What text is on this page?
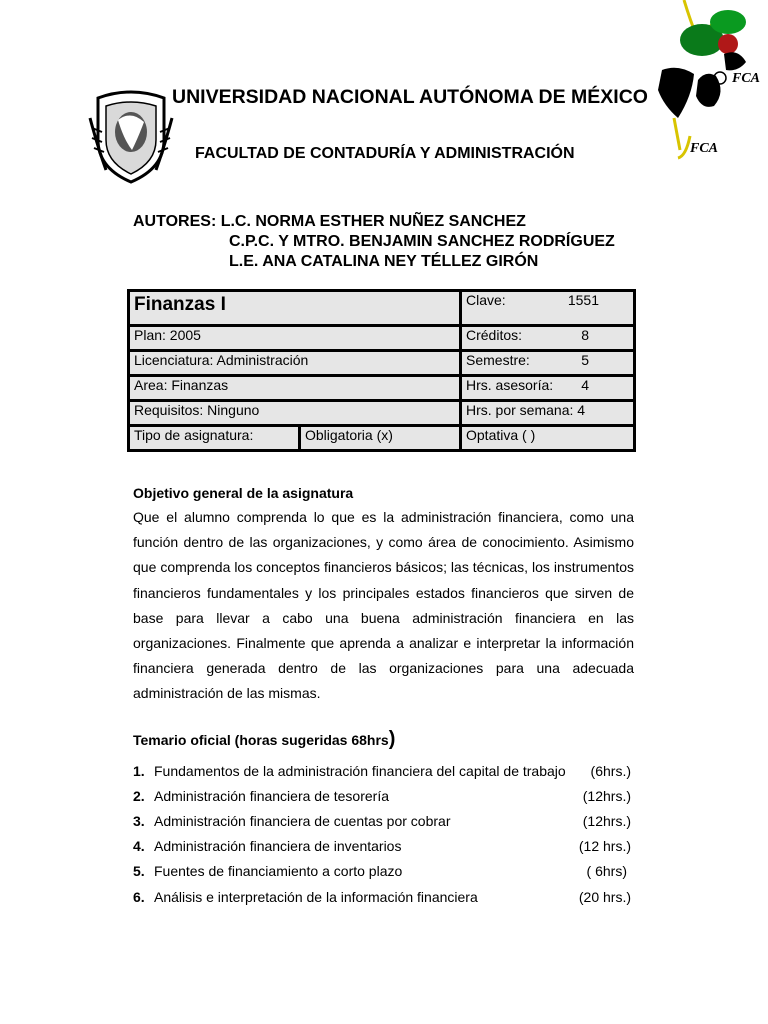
FCA
FCA
UNIVERSIDAD NACIONAL AUTÓNOMA DE MÉXICO
FACULTAD DE CONTADURÍA Y ADMINISTRACIÓN
AUTORES: L.C. NORMA ESTHER NUÑEZ SANCHEZ
C.P.C. Y MTRO. BENJAMIN SANCHEZ RODRÍGUEZ
L.E. ANA CATALINA NEY TÉLLEZ GIRÓN
Finanzas I		Clave: 1551

Plan: 2005		Créditos: 8

Licenciatura: Administración		Semestre: 5

Area: Finanzas		Hrs. asesoría: 4

Requisitos: Ninguno		Hrs. por semana: 4
Tipo de asignatura:	Obligatoria (x)	Optativa ( )
Objetivo general de la asignatura
Que el alumno comprenda lo que es la administración financiera, como una función dentro de las organizaciones, y como área de conocimiento. Asimismo que comprenda los conceptos financieros básicos; las técnicas, los instrumentos financieros fundamentales y los principales estados financieros que sirven de base para llevar a cabo una buena administración financiera en las organizaciones. Finalmente que aprenda a analizar e interpretar la información financiera generada dentro de las organizaciones para una adecuada administración de las mismas.
Temario oficial (horas sugeridas 68hrs)
1. Fundamentos de la administración financiera del capital de trabajo	(6hrs.)
2. Administración financiera de tesorería	(12hrs.)
3. Administración financiera de cuentas por cobrar	(12hrs.)
4. Administración financiera de inventarios	(12 hrs.)
5. Fuentes de financiamiento a corto plazo	( 6hrs)
6. Análisis e interpretación de la información financiera	(20 hrs.)
